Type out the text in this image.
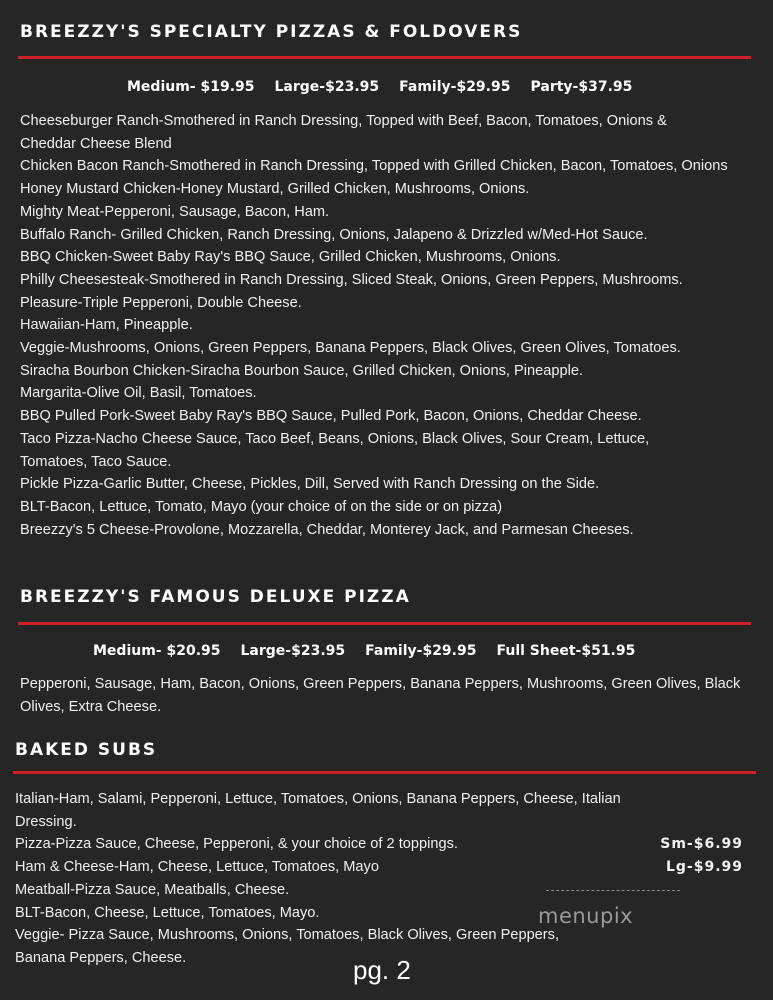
BREEZZY'S SPECIALTY PIZZAS & FOLDOVERS
Medium- $19.95 Large-$23.95 Family-$29.95 Party-$37.95
Cheeseburger Ranch-Smothered in Ranch Dressing, Topped with Beef, Bacon, Tomatoes, Onions & Cheddar Cheese Blend
Chicken Bacon Ranch-Smothered in Ranch Dressing, Topped with Grilled Chicken, Bacon, Tomatoes, Onions
Honey Mustard Chicken-Honey Mustard, Grilled Chicken, Mushrooms, Onions.
Mighty Meat-Pepperoni, Sausage, Bacon, Ham.
Buffalo Ranch- Grilled Chicken, Ranch Dressing, Onions, Jalapeno & Drizzled w/Med-Hot Sauce.
BBQ Chicken-Sweet Baby Ray's BBQ Sauce, Grilled Chicken, Mushrooms, Onions.
Philly Cheesesteak-Smothered in Ranch Dressing, Sliced Steak, Onions, Green Peppers, Mushrooms.
Pleasure-Triple Pepperoni, Double Cheese.
Hawaiian-Ham, Pineapple.
Veggie-Mushrooms, Onions, Green Peppers, Banana Peppers, Black Olives, Green Olives, Tomatoes.
Siracha Bourbon Chicken-Siracha Bourbon Sauce, Grilled Chicken, Onions, Pineapple.
Margarita-Olive Oil, Basil, Tomatoes.
BBQ Pulled Pork-Sweet Baby Ray's BBQ Sauce, Pulled Pork, Bacon, Onions, Cheddar Cheese.
Taco Pizza-Nacho Cheese Sauce, Taco Beef, Beans, Onions, Black Olives, Sour Cream, Lettuce, Tomatoes, Taco Sauce.
Pickle Pizza-Garlic Butter, Cheese, Pickles, Dill, Served with Ranch Dressing on the Side.
BLT-Bacon, Lettuce, Tomato, Mayo (your choice of on the side or on pizza)
Breezzy's 5 Cheese-Provolone, Mozzarella, Cheddar, Monterey Jack, and Parmesan Cheeses.
BREEZZY'S FAMOUS DELUXE PIZZA
Medium- $20.95 Large-$23.95 Family-$29.95 Full Sheet-$51.95
Pepperoni, Sausage, Ham, Bacon, Onions, Green Peppers, Banana Peppers, Mushrooms, Green Olives, Black Olives, Extra Cheese.
BAKED SUBS
Italian-Ham, Salami, Pepperoni, Lettuce, Tomatoes, Onions, Banana Peppers, Cheese, Italian Dressing.
Pizza-Pizza Sauce, Cheese, Pepperoni, & your choice of 2 toppings.
Ham & Cheese-Ham, Cheese, Lettuce, Tomatoes, Mayo
Meatball-Pizza Sauce, Meatballs, Cheese.
BLT-Bacon, Cheese, Lettuce, Tomatoes, Mayo.
Veggie- Pizza Sauce, Mushrooms, Onions, Tomatoes, Black Olives, Green Peppers, Banana Peppers, Cheese.
Sm-$6.99
Lg-$9.99
pg. 2
menupix
